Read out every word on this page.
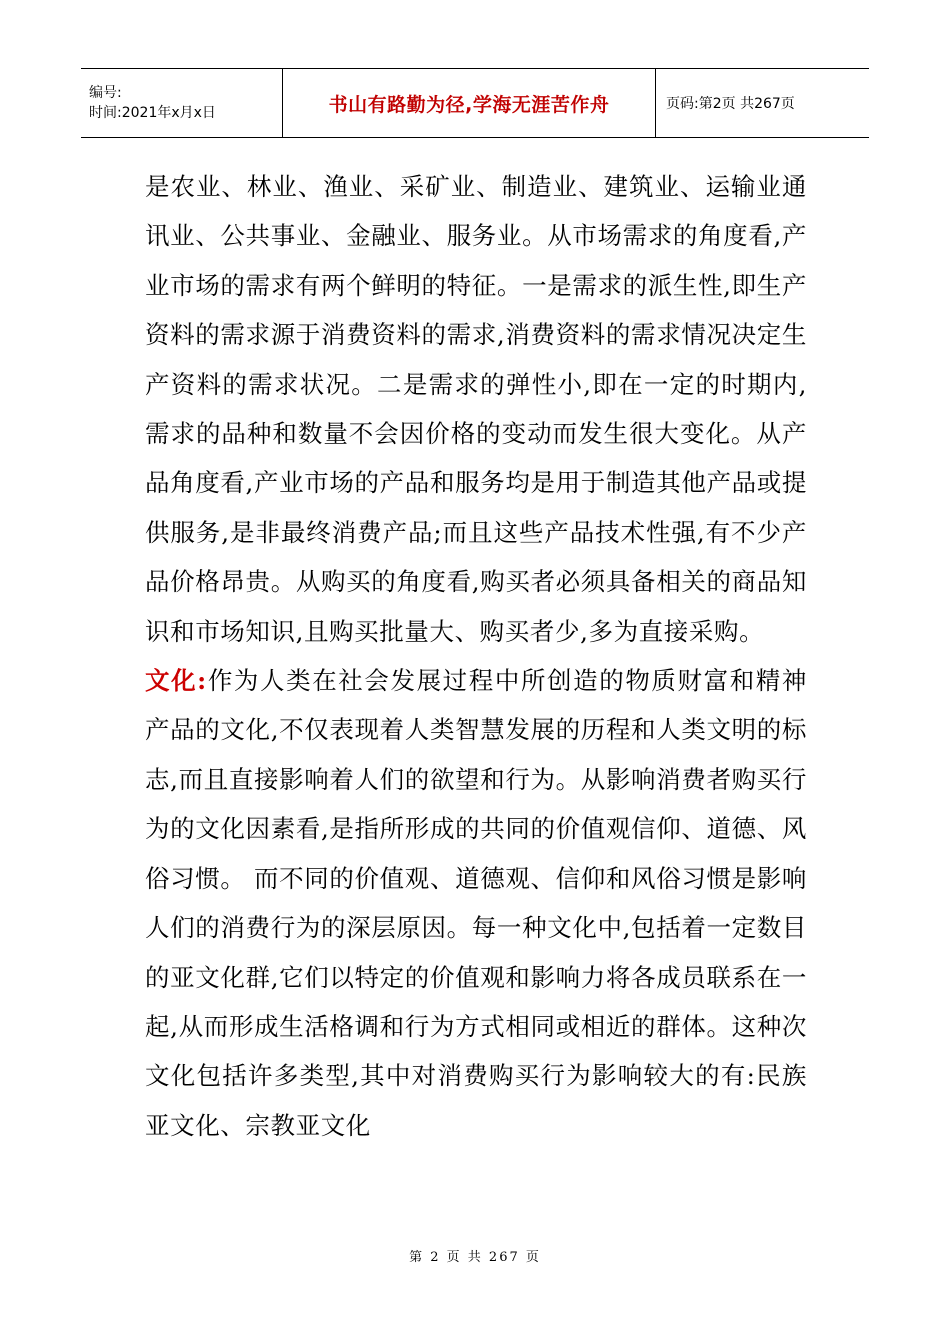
编号:
时间:2021年x月x日	书山有路勤为径,学海无涯苦作舟	页码:第2页 共267页

是农业、林业、渔业、采矿业、制造业、建筑业、运输业通讯业、公共事业、金融业、服务业。从市场需求的角度看,产业市场的需求有两个鲜明的特征。一是需求的派生性,即生产资料的需求源于消费资料的需求,消费资料的需求情况决定生产资料的需求状况。二是需求的弹性小,即在一定的时期内,需求的品种和数量不会因价格的变动而发生很大变化。从产品角度看,产业市场的产品和服务均是用于制造其他产品或提供服务,是非最终消费产品;而且这些产品技术性强,有不少产品价格昂贵。从购买的角度看,购买者必须具备相关的商品知识和市场知识,且购买批量大、购买者少,多为直接采购。

文化:作为人类在社会发展过程中所创造的物质财富和精神产品的文化,不仅表现着人类智慧发展的历程和人类文明的标志,而且直接影响着人们的欲望和行为。从影响消费者购买行为的文化因素看,是指所形成的共同的价值观信仰、道德、风俗习惯。 而不同的价值观、道德观、信仰和风俗习惯是影响人们的消费行为的深层原因。每一种文化中,包括着一定数目的亚文化群,它们以特定的价值观和影响力将各成员联系在一起,从而形成生活格调和行为方式相同或相近的群体。这种次文化包括许多类型,其中对消费购买行为影响较大的有:民族亚文化、宗教亚文化

第 2 页 共 267 页
